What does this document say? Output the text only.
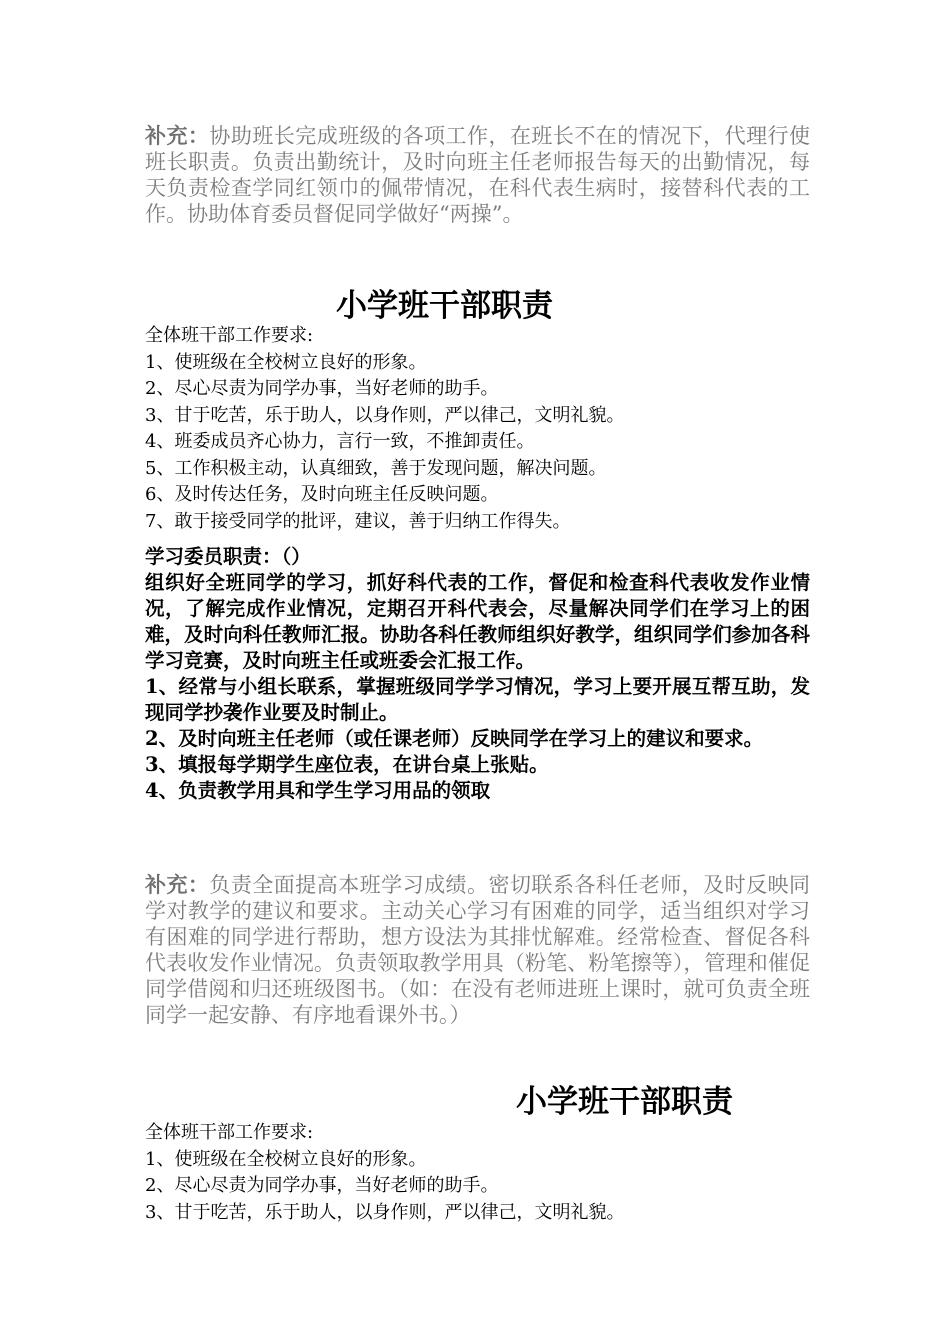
补充：协助班长完成班级的各项工作，在班长不在的情况下，代理行使班长职责。负责出勤统计，及时向班主任老师报告每天的出勤情况，每天负责检查学同红领巾的佩带情况，在科代表生病时，接替科代表的工作。协助体育委员督促同学做好“两操”。
小学班干部职责
全体班干部工作要求:
1、使班级在全校树立良好的形象。
2、尽心尽责为同学办事，当好老师的助手。
3、甘于吃苦，乐于助人，以身作则，严以律己，文明礼貌。
4、班委成员齐心协力，言行一致，不推卸责任。
5、工作积极主动，认真细致，善于发现问题，解决问题。
6、及时传达任务，及时向班主任反映问题。
7、敢于接受同学的批评，建议，善于归纳工作得失。
学习委员职责：（）
组织好全班同学的学习，抓好科代表的工作，督促和检查科代表收发作业情况，了解完成作业情况，定期召开科代表会，尽量解决同学们在学习上的困难，及时向科任教师汇报。协助各科任教师组织好教学，组织同学们参加各科学习竞赛，及时向班主任或班委会汇报工作。
1、经常与小组长联系，掌握班级同学学习情况，学习上要开展互帮互助，发现同学抄袭作业要及时制止。
2、及时向班主任老师（或任课老师）反映同学在学习上的建议和要求。
3、填报每学期学生座位表，在讲台桌上张贴。
4、负责教学用具和学生学习用品的领取
补充：负责全面提高本班学习成绩。密切联系各科任老师，及时反映同学对教学的建议和要求。主动关心学习有困难的同学，适当组织对学习有困难的同学进行帮助，想方设法为其排忧解难。经常检查、督促各科代表收发作业情况。负责领取教学用具（粉笔、粉笔擦等），管理和催促同学借阅和归还班级图书。（如：在没有老师进班上课时，就可负责全班同学一起安静、有序地看课外书。）
小学班干部职责
全体班干部工作要求:
1、使班级在全校树立良好的形象。
2、尽心尽责为同学办事，当好老师的助手。
3、甘于吃苦，乐于助人，以身作则，严以律己，文明礼貌。
